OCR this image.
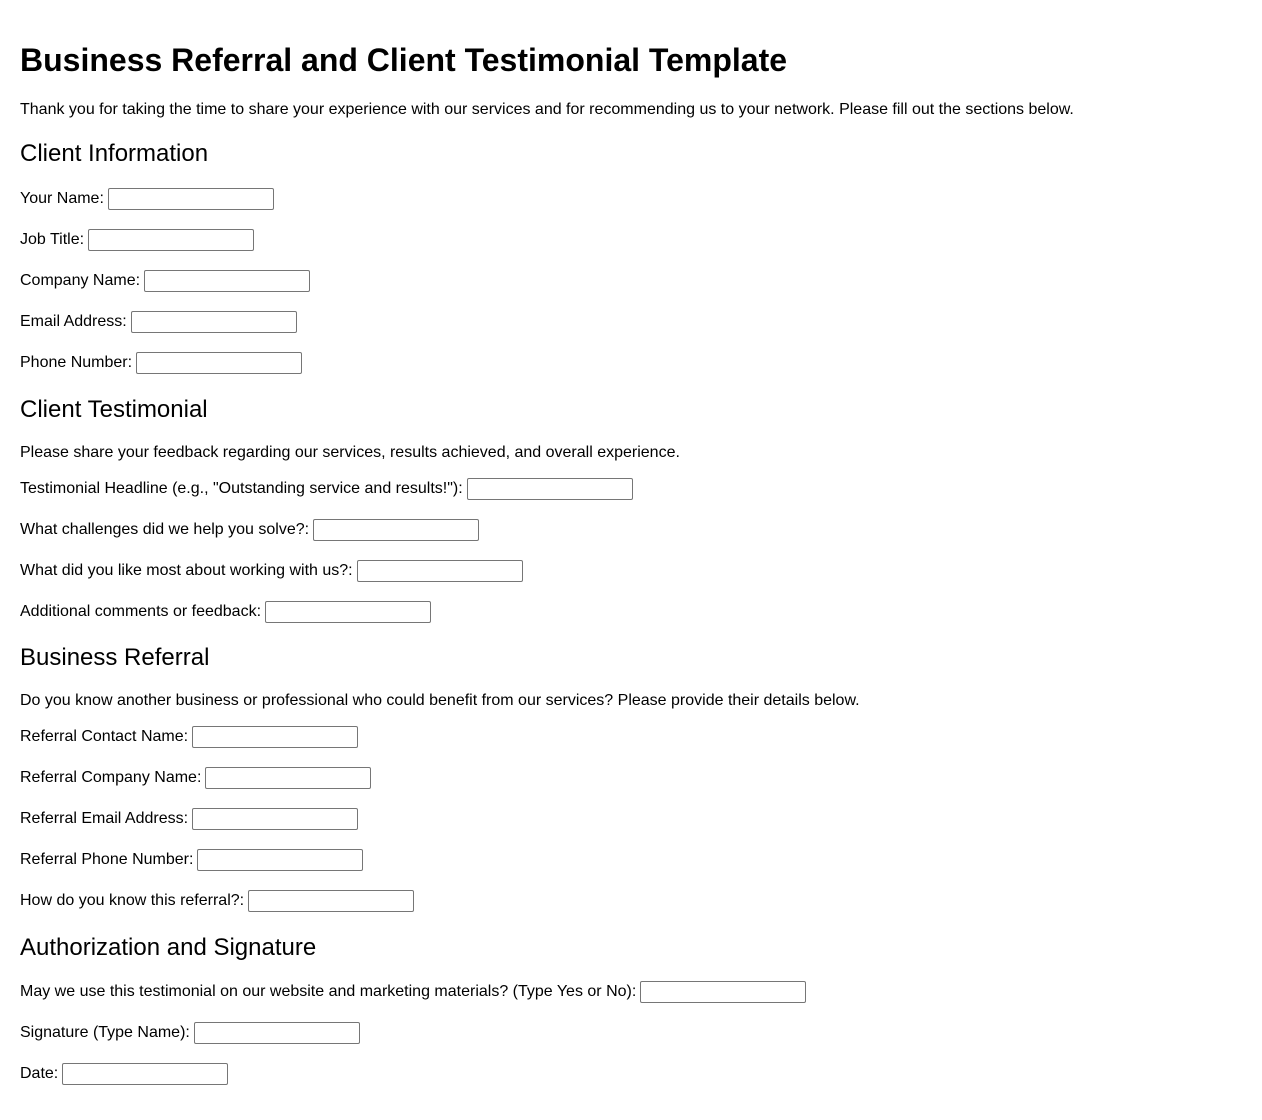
Business Referral and Client Testimonial Template

Thank you for taking the time to share your experience with our services and for recommending us to your network. Please fill out the sections below.

Client Information
Your Name:
Job Title:
Company Name:
Email Address:
Phone Number:
Client Testimonial

Please share your feedback regarding our services, results achieved, and overall experience.

Testimonial Headline (e.g., "Outstanding service and results!"):
What challenges did we help you solve?:
What did you like most about working with us?:
Additional comments or feedback:
Business Referral

Do you know another business or professional who could benefit from our services? Please provide their details below.

Referral Contact Name:
Referral Company Name:
Referral Email Address:
Referral Phone Number:
How do you know this referral?:
Authorization and Signature
May we use this testimonial on our website and marketing materials? (Type Yes or No):
Signature (Type Name):
Date:
